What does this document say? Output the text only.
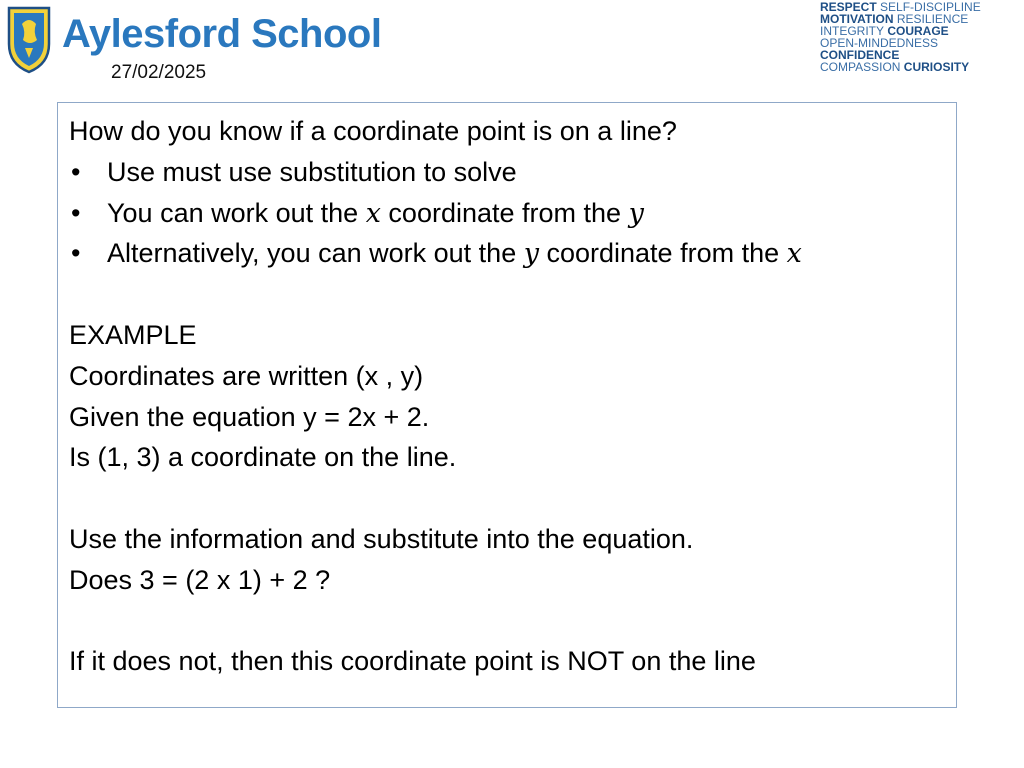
Aylesford School
27/02/2025
RESPECT SELF-DISCIPLINE
MOTIVATION RESILIENCE
INTEGRITY COURAGE
OPEN-MINDEDNESS
CONFIDENCE
COMPASSION CURIOSITY
How do you know if a coordinate point is on a line?
• Use must use substitution to solve
• You can work out the x coordinate from the y
• Alternatively, you can work out the y coordinate from the x
EXAMPLE
Coordinates are written (x , y)
Given the equation y = 2x + 2.
Is (1, 3) a coordinate on the line.
Use the information and substitute into the equation.
Does 3 = (2 x 1) + 2 ?
If it does not, then this coordinate point is NOT on the line
